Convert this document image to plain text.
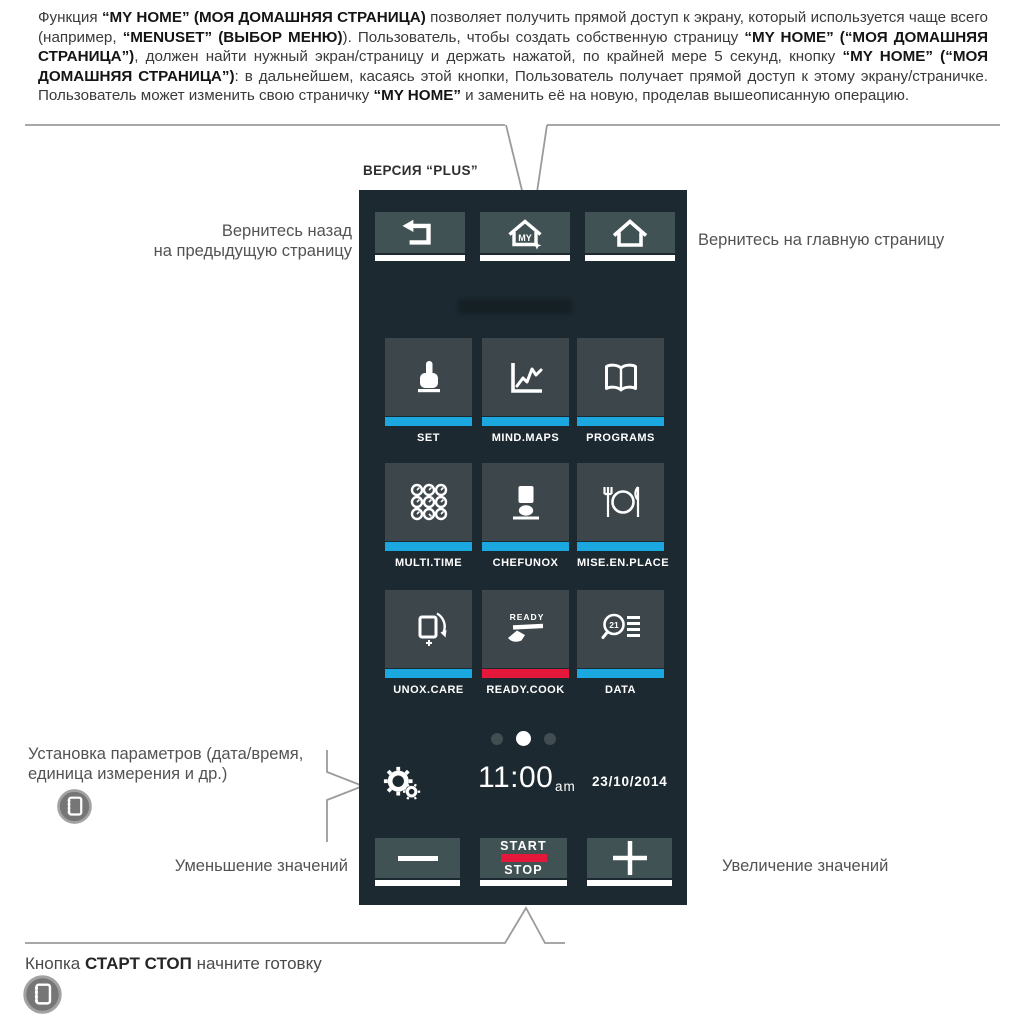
Функция “MY HOME” (МОЯ ДОМАШНЯЯ СТРАНИЦА) позволяет получить прямой доступ к экрану, который используется чаще всего (например, “MENUSET” (ВЫБОР МЕНЮ)). Пользователь, чтобы создать собственную страницу “MY HOME” (“МОЯ ДОМАШНЯЯ СТРАНИЦА”), должен найти нужный экран/страницу и держать нажатой, по крайней мере 5 секунд, кнопку “MY HOME” (“МОЯ ДОМАШНЯЯ СТРАНИЦА”): в дальнейшем, касаясь этой кнопки, Пользователь получает прямой доступ к этому экрану/страничке. Пользователь может изменить свою страничку “MY HOME” и заменить её на новую, проделав вышеописанную операцию.

ВЕРСИЯ “PLUS”
Вернитесь назад
на предыдущую страницу
Вернитесь на главную страницу
Установка параметров (дата/время,
единица измерения и др.)
Уменьшение значений	Увеличение значений
Кнопка СТАРТ СТОП начните готовку
MY
SET	MIND.MAPS	PROGRAMS
MULTI.TIME	CHEFUNOX	MISE.EN.PLACE
UNOX.CARE
READY
READY.COOK
21
DATA
11:00 am 23/10/2014
START
STOP
